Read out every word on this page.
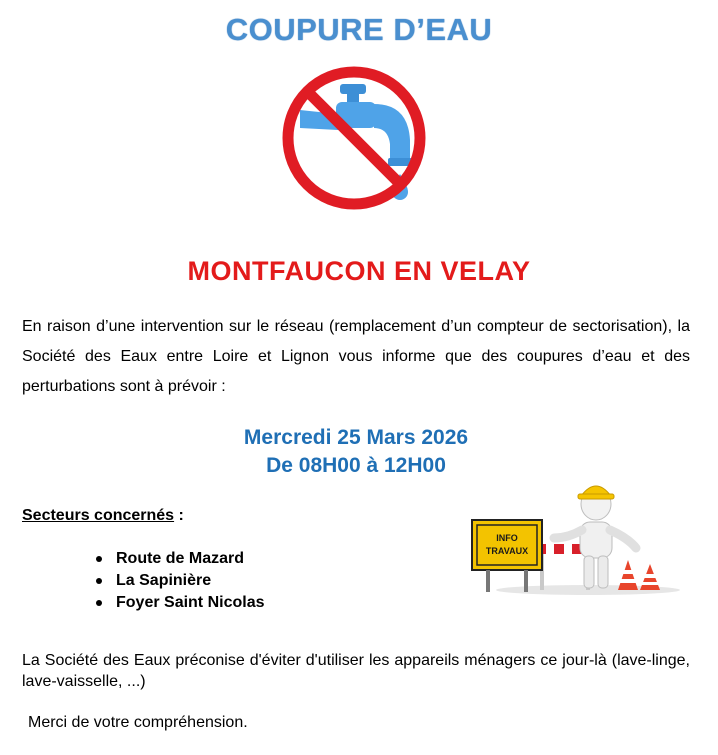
COUPURE D’EAU
MONTFAUCON EN VELAY
En raison d’une intervention sur le réseau (remplacement d’un compteur de sectorisation), la Société des Eaux entre Loire et Lignon vous informe que des coupures d’eau et des perturbations sont à prévoir :
Mercredi 25 Mars 2026
De 08H00 à 12H00
Secteurs concernés :
Route de Mazard
La Sapinière
Foyer Saint Nicolas
INFO
TRAVAUX
La Société des Eaux préconise d'éviter d'utiliser les appareils ménagers ce jour-là (lave-linge, lave-vaisselle, ...)
Merci de votre compréhension.
